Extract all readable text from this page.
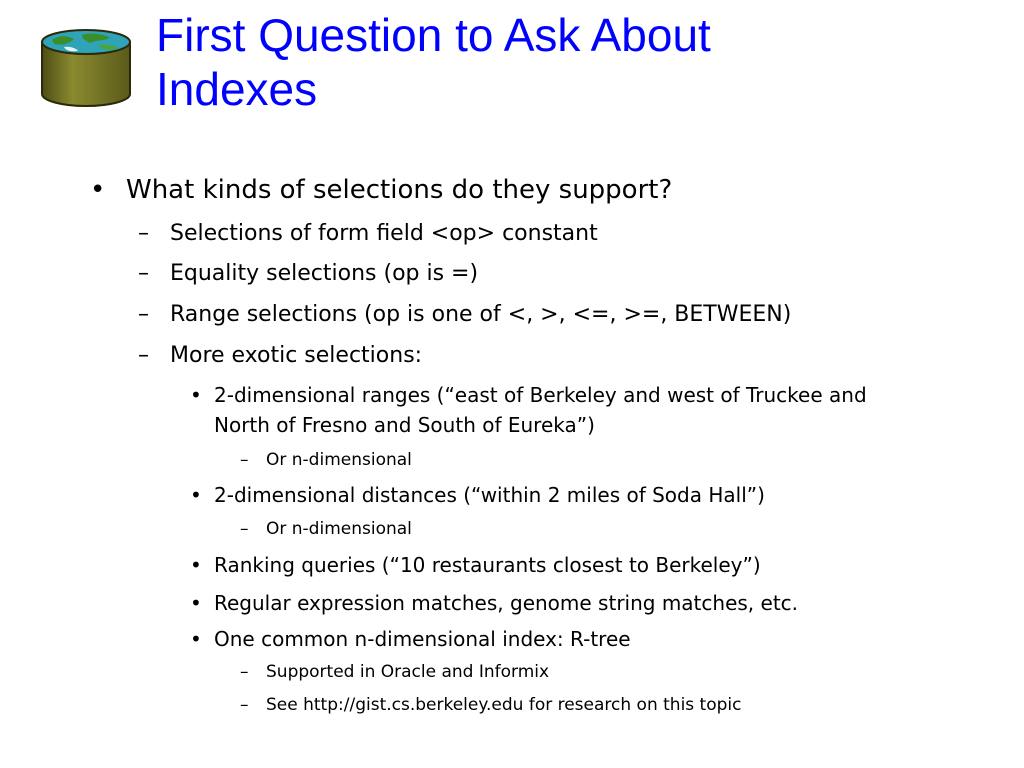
First Question to Ask About
Indexes
• What kinds of selections do they support?
– Selections of form field <op> constant
– Equality selections (op is =)
– Range selections (op is one of <, >, <=, >=, BETWEEN)
– More exotic selections:
• 2-dimensional ranges (“east of Berkeley and west of Truckee and North of Fresno and South of Eureka”)
– Or n-dimensional
• 2-dimensional distances (“within 2 miles of Soda Hall”)
– Or n-dimensional
• Ranking queries (“10 restaurants closest to Berkeley”)
• Regular expression matches, genome string matches, etc.
• One common n-dimensional index: R-tree
– Supported in Oracle and Informix
– See http://gist.cs.berkeley.edu for research on this topic
